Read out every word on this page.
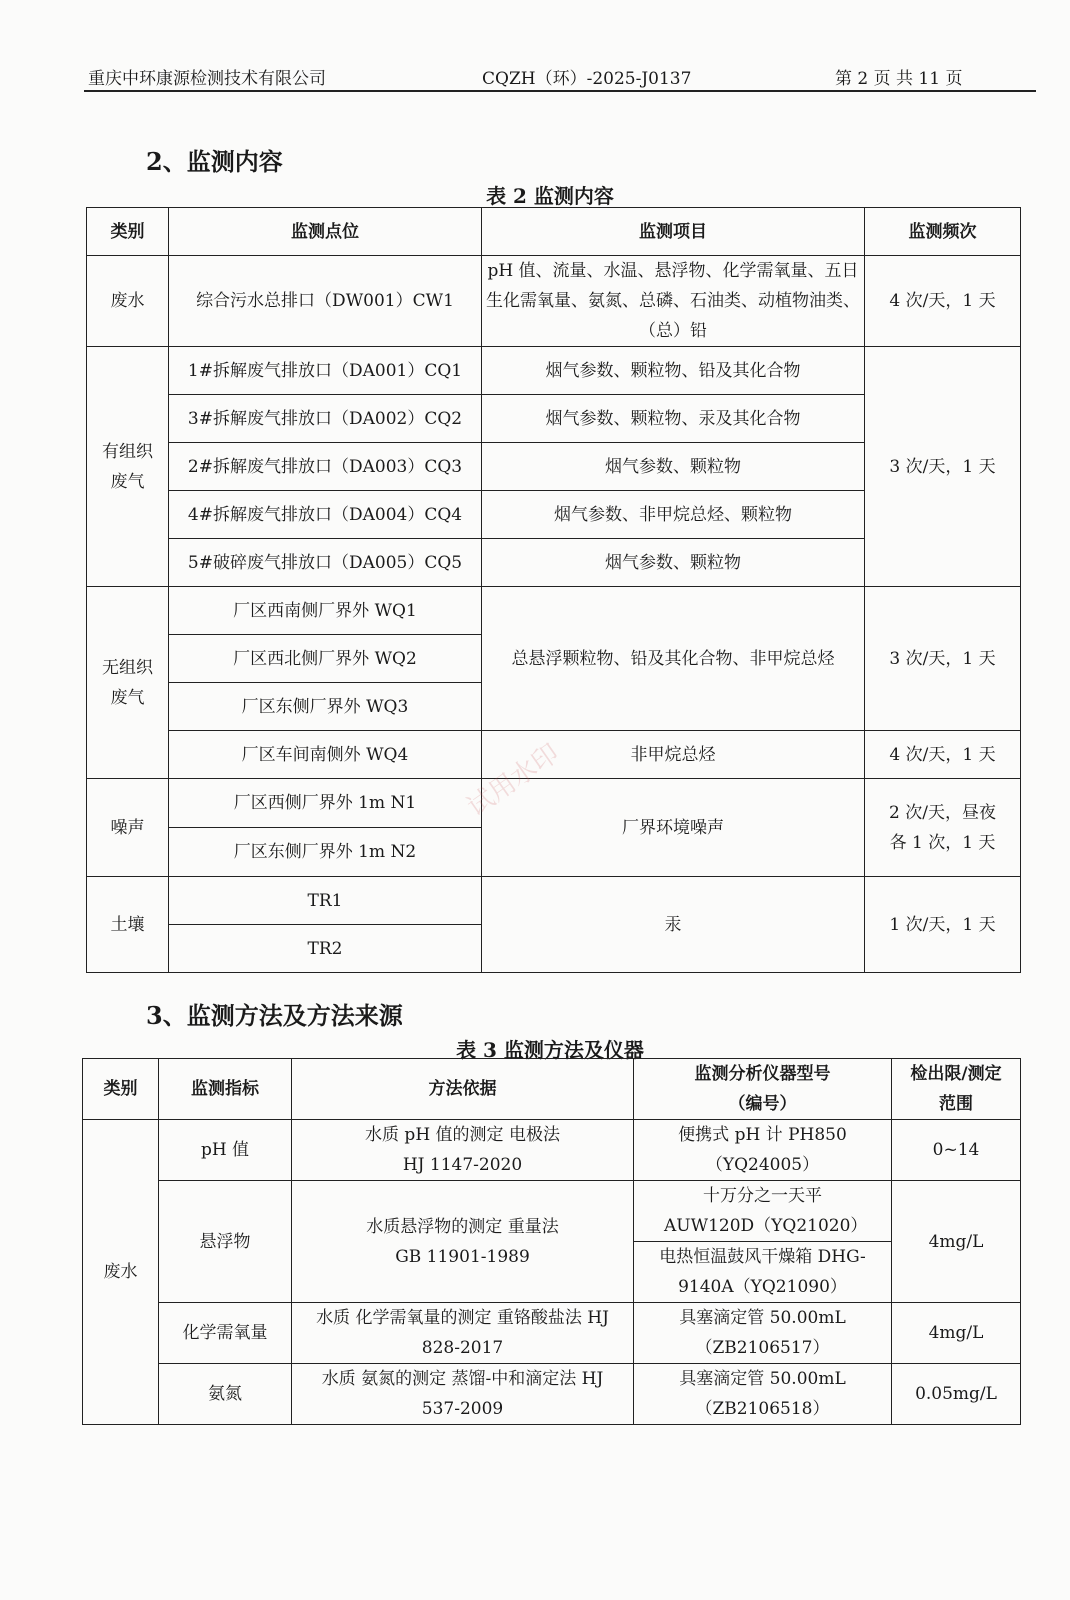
重庆中环康源检测技术有限公司	CQZH（环）-2025-J0137	第 2 页 共 11 页
2、监测内容
表 2 监测内容
类别	监测点位	监测项目	监测频次
废水	综合污水总排口（DW001）CW1	pH 值、流量、水温、悬浮物、化学需氧量、五日生化需氧量、氨氮、总磷、石油类、动植物油类、（总）铅	4 次/天，1 天
有组织废气	1#拆解废气排放口（DA001）CQ1	烟气参数、颗粒物、铅及其化合物	3 次/天，1 天
	3#拆解废气排放口（DA002）CQ2	烟气参数、颗粒物、汞及其化合物	
	2#拆解废气排放口（DA003）CQ3	烟气参数、颗粒物	
	4#拆解废气排放口（DA004）CQ4	烟气参数、非甲烷总烃、颗粒物	
	5#破碎废气排放口（DA005）CQ5	烟气参数、颗粒物	
无组织废气	厂区西南侧厂界外 WQ1	总悬浮颗粒物、铅及其化合物、非甲烷总烃	3 次/天，1 天
	厂区西北侧厂界外 WQ2		
	厂区东侧厂界外 WQ3		
	厂区车间南侧外 WQ4	非甲烷总烃	4 次/天，1 天
噪声	厂区西侧厂界外 1m N1	厂界环境噪声	2 次/天，昼夜各 1 次，1 天
	厂区东侧厂界外 1m N2		
土壤	TR1	汞	1 次/天，1 天
	TR2		
3、监测方法及方法来源
表 3 监测方法及仪器
类别	监测指标	方法依据	监测分析仪器型号（编号）	检出限/测定范围
废水	pH 值	水质 pH 值的测定 电极法 HJ 1147-2020	便携式 pH 计 PH850（YQ24005）	0~14
	悬浮物	水质悬浮物的测定 重量法 GB 11901-1989	十万分之一天平 AUW120D（YQ21020）	4mg/L
			电热恒温鼓风干燥箱 DHG-9140A（YQ21090）	
	化学需氧量	水质 化学需氧量的测定 重铬酸盐法 HJ 828-2017	具塞滴定管 50.00mL（ZB2106517）	4mg/L
	氨氮	水质 氨氮的测定 蒸馏-中和滴定法 HJ 537-2009	具塞滴定管 50.00mL（ZB2106518）	0.05mg/L
试用水印
